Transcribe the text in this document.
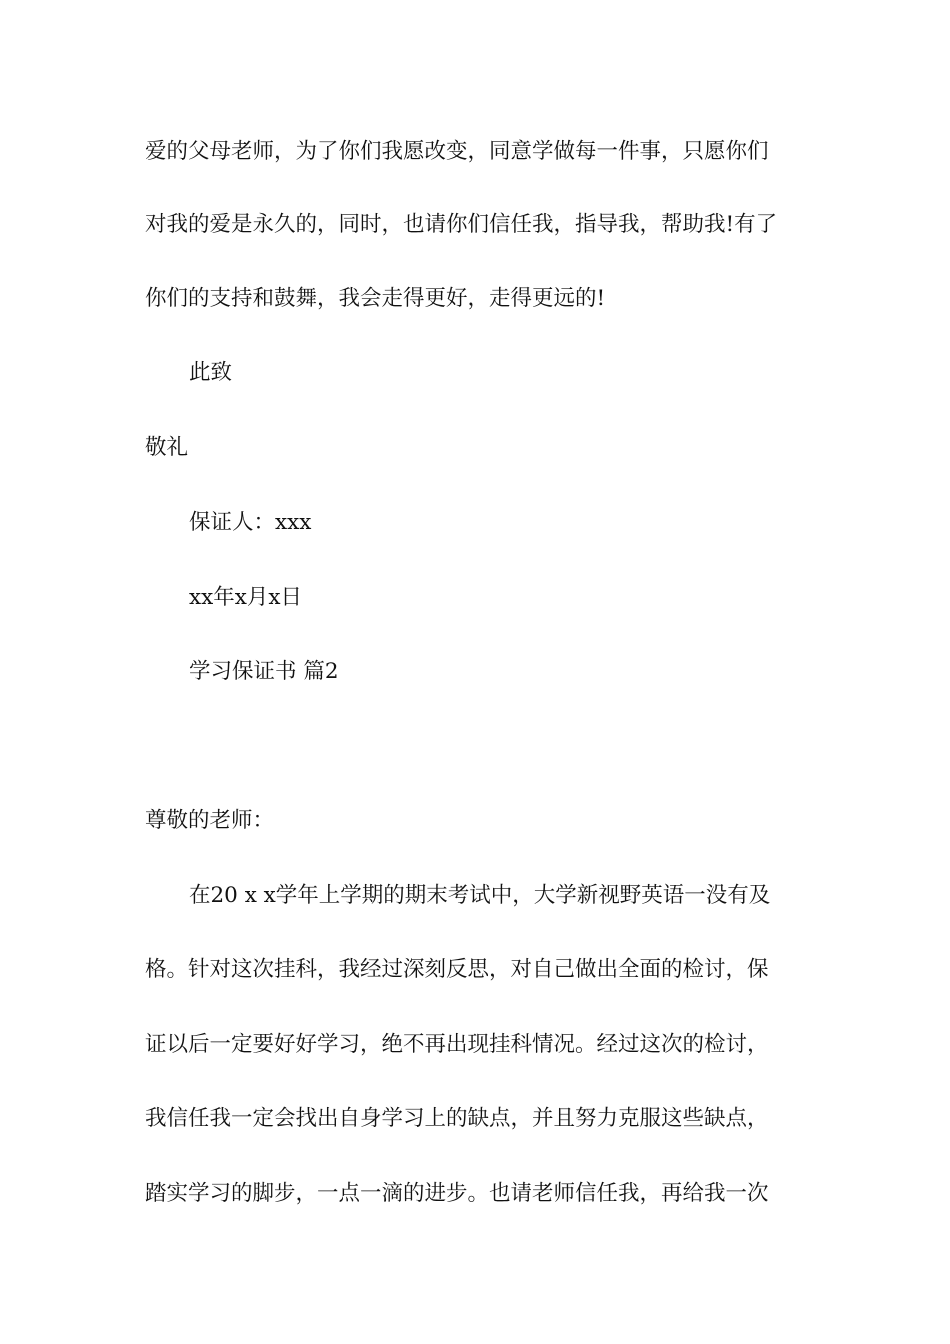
爱的父母老师，为了你们我愿改变，同意学做每一件事，只愿你们
对我的爱是永久的，同时，也请你们信任我，指导我，帮助我!有了
你们的支持和鼓舞，我会走得更好，走得更远的!
此致
敬礼
保证人：xxx
xx年x月x日
学习保证书 篇2
尊敬的老师：
在20 x x学年上学期的期末考试中，大学新视野英语一没有及
格。针对这次挂科，我经过深刻反思，对自己做出全面的检讨，保
证以后一定要好好学习，绝不再出现挂科情况。经过这次的检讨，
我信任我一定会找出自身学习上的缺点，并且努力克服这些缺点，
踏实学习的脚步，一点一滴的进步。也请老师信任我，再给我一次
